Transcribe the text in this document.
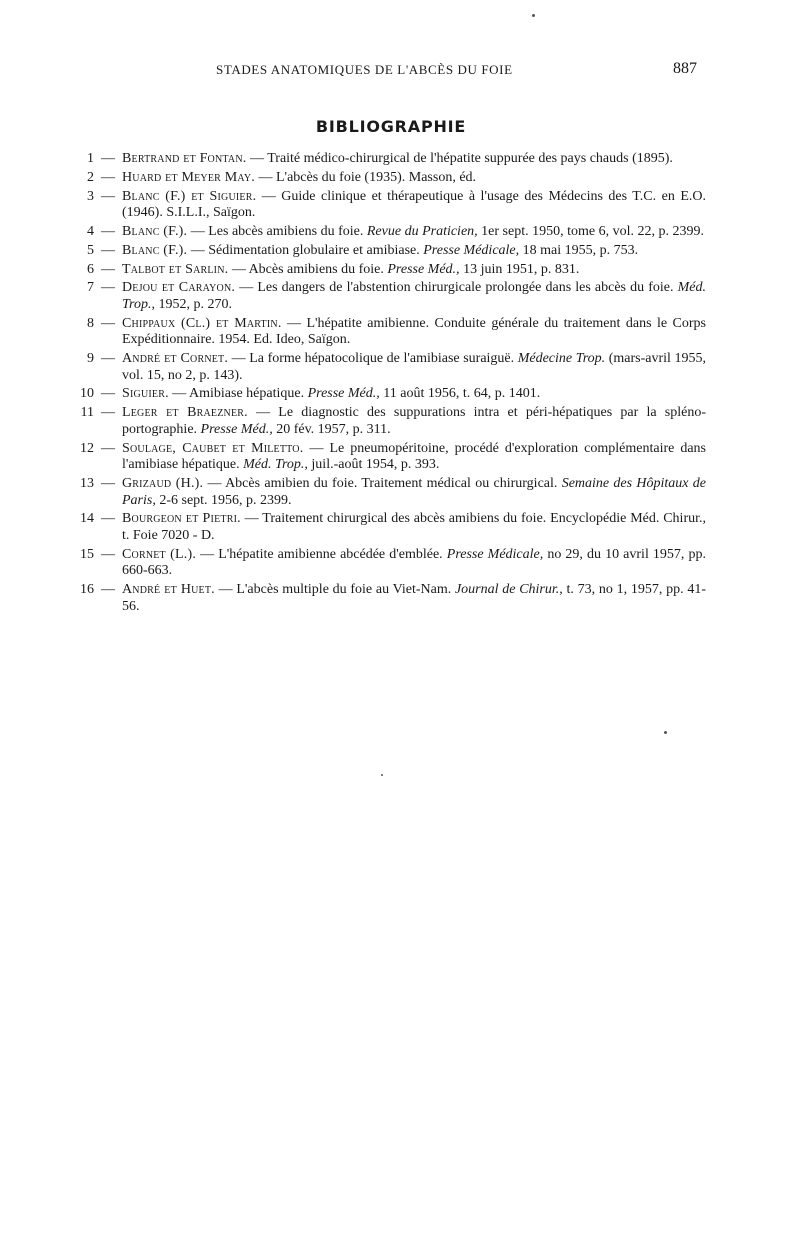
STADES ANATOMIQUES DE L'ABCÈS DU FOIE	887
BIBLIOGRAPHIE
1 — Bertrand et Fontan. — Traité médico-chirurgical de l'hépatite suppurée des pays chauds (1895).
2 — Huard et Meyer May. — L'abcès du foie (1935). Masson, éd.
3 — Blanc (F.) et Siguier. — Guide clinique et thérapeutique à l'usage des Médecins des T.C. en E.O. (1946). S.I.L.I., Saïgon.
4 — Blanc (F.). — Les abcès amibiens du foie. Revue du Praticien, 1er sept. 1950, tome 6, vol. 22, p. 2399.
5 — Blanc (F.). — Sédimentation globulaire et amibiase. Presse Médicale, 18 mai 1955, p. 753.
6 — Talbot et Sarlin. — Abcès amibiens du foie. Presse Méd., 13 juin 1951, p. 831.
7 — Dejou et Carayon. — Les dangers de l'abstention chirurgicale prolongée dans les abcès du foie. Méd. Trop., 1952, p. 270.
8 — Chippaux (Cl.) et Martin. — L'hépatite amibienne. Conduite générale du traitement dans le Corps Expéditionnaire. 1954. Ed. Ideo, Saïgon.
9 — André et Cornet. — La forme hépatocolique de l'amibiase suraiguë. Médecine Trop. (mars-avril 1955, vol. 15, no 2, p. 143).
10 — Siguier. — Amibiase hépatique. Presse Méd., 11 août 1956, t. 64, p. 1401.
11 — Leger et Braezner. — Le diagnostic des suppurations intra et péri-hépatiques par la spléno-portographie. Presse Méd., 20 fév. 1957, p. 311.
12 — Soulage, Caubet et Miletto. — Le pneumopéritoine, procédé d'exploration complémentaire dans l'amibiase hépatique. Méd. Trop., juil.-août 1954, p. 393.
13 — Grizaud (H.). — Abcès amibien du foie. Traitement médical ou chirurgical. Semaine des Hôpitaux de Paris, 2-6 sept. 1956, p. 2399.
14 — Bourgeon et Pietri. — Traitement chirurgical des abcès amibiens du foie. Encyclopédie Méd. Chirur., t. Foie 7020 - D.
15 — Cornet (L.). — L'hépatite amibienne abcédée d'emblée. Presse Médicale, no 29, du 10 avril 1957, pp. 660-663.
16 — André et Huet. — L'abcès multiple du foie au Viet-Nam. Journal de Chirur., t. 73, no 1, 1957, pp. 41-56.
